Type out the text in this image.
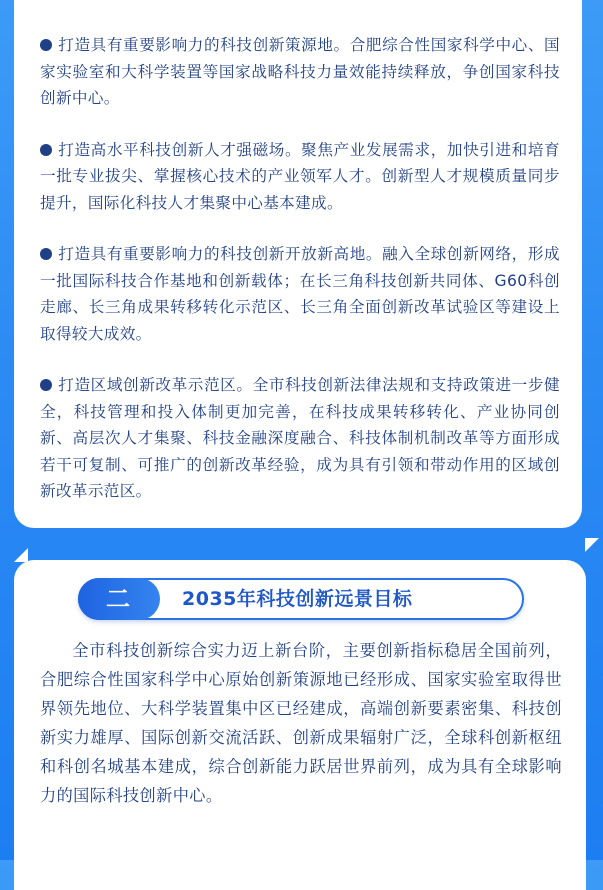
打造具有重要影响力的科技创新策源地。合肥综合性国家科学中心、国家实验室和大科学装置等国家战略科技力量效能持续释放，争创国家科技创新中心。

打造高水平科技创新人才强磁场。聚焦产业发展需求，加快引进和培育一批专业拔尖、掌握核心技术的产业领军人才。创新型人才规模质量同步提升，国际化科技人才集聚中心基本建成。

打造具有重要影响力的科技创新开放新高地。融入全球创新网络，形成一批国际科技合作基地和创新载体；在长三角科技创新共同体、G60科创走廊、长三角成果转移转化示范区、长三角全面创新改革试验区等建设上取得较大成效。

打造区域创新改革示范区。全市科技创新法律法规和支持政策进一步健全，科技管理和投入体制更加完善，在科技成果转移转化、产业协同创新、高层次人才集聚、科技金融深度融合、科技体制机制改革等方面形成若干可复制、可推广的创新改革经验，成为具有引领和带动作用的区域创新改革示范区。

二	2035年科技创新远景目标

全市科技创新综合实力迈上新台阶，主要创新指标稳居全国前列，合肥综合性国家科学中心原始创新策源地已经形成、国家实验室取得世界领先地位、大科学装置集中区已经建成，高端创新要素密集、科技创新实力雄厚、国际创新交流活跃、创新成果辐射广泛，全球科创新枢纽和科创名城基本建成，综合创新能力跃居世界前列，成为具有全球影响力的国际科技创新中心。
